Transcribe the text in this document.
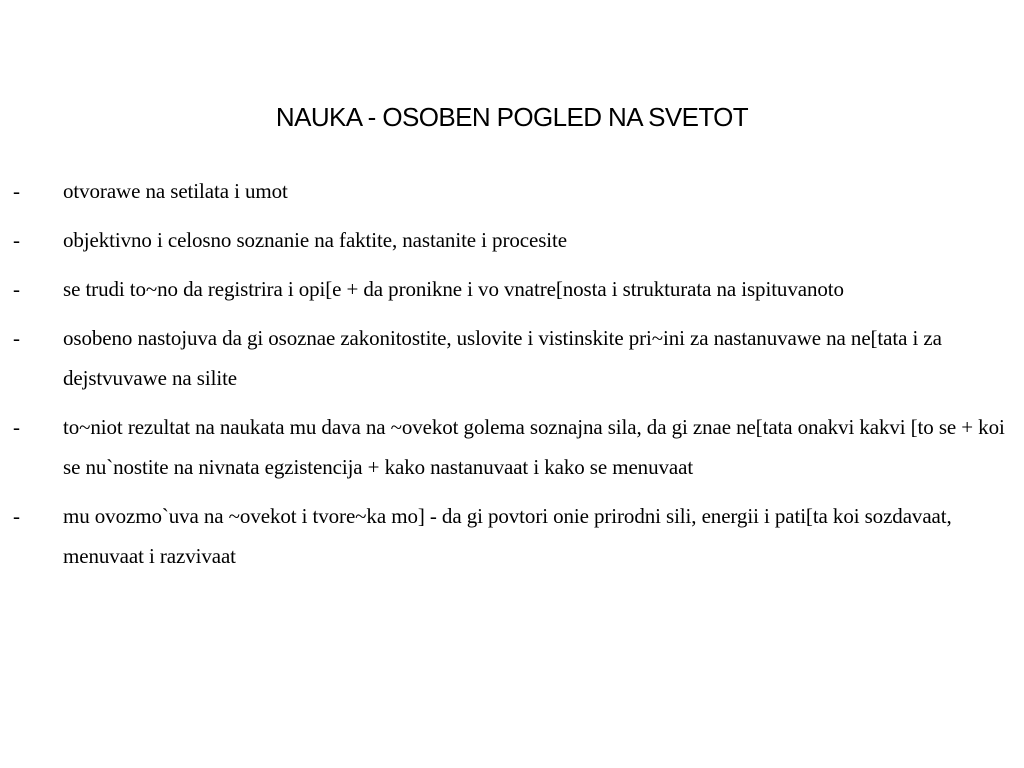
NAUKA - OSOBEN POGLED NA SVETOT
- otvorawe na setilata i umot
- objektivno i celosno soznanie na faktite, nastanite i procesite
- se trudi to~no da registrira i opi[e + da pronikne i vo vnatre[nosta i strukturata na ispituvanoto
- osobeno nastojuva da gi osoznae zakonitostite, uslovite i vistinskite pri~ini za nastanuvawe na ne[tata i za dejstvuvawe na silite
- to~niot rezultat na naukata mu dava na ~ovekot golema soznajna sila, da gi znae ne[tata onakvi kakvi [to se + koi se nu`nostite na nivnata egzistencija + kako nastanuvaat i kako se menuvaat
- mu ovozmo`uva na ~ovekot i tvore~ka mo] - da gi povtori onie prirodni sili, energii i pati[ta koi sozdavaat, menuvaat i razvivaat
